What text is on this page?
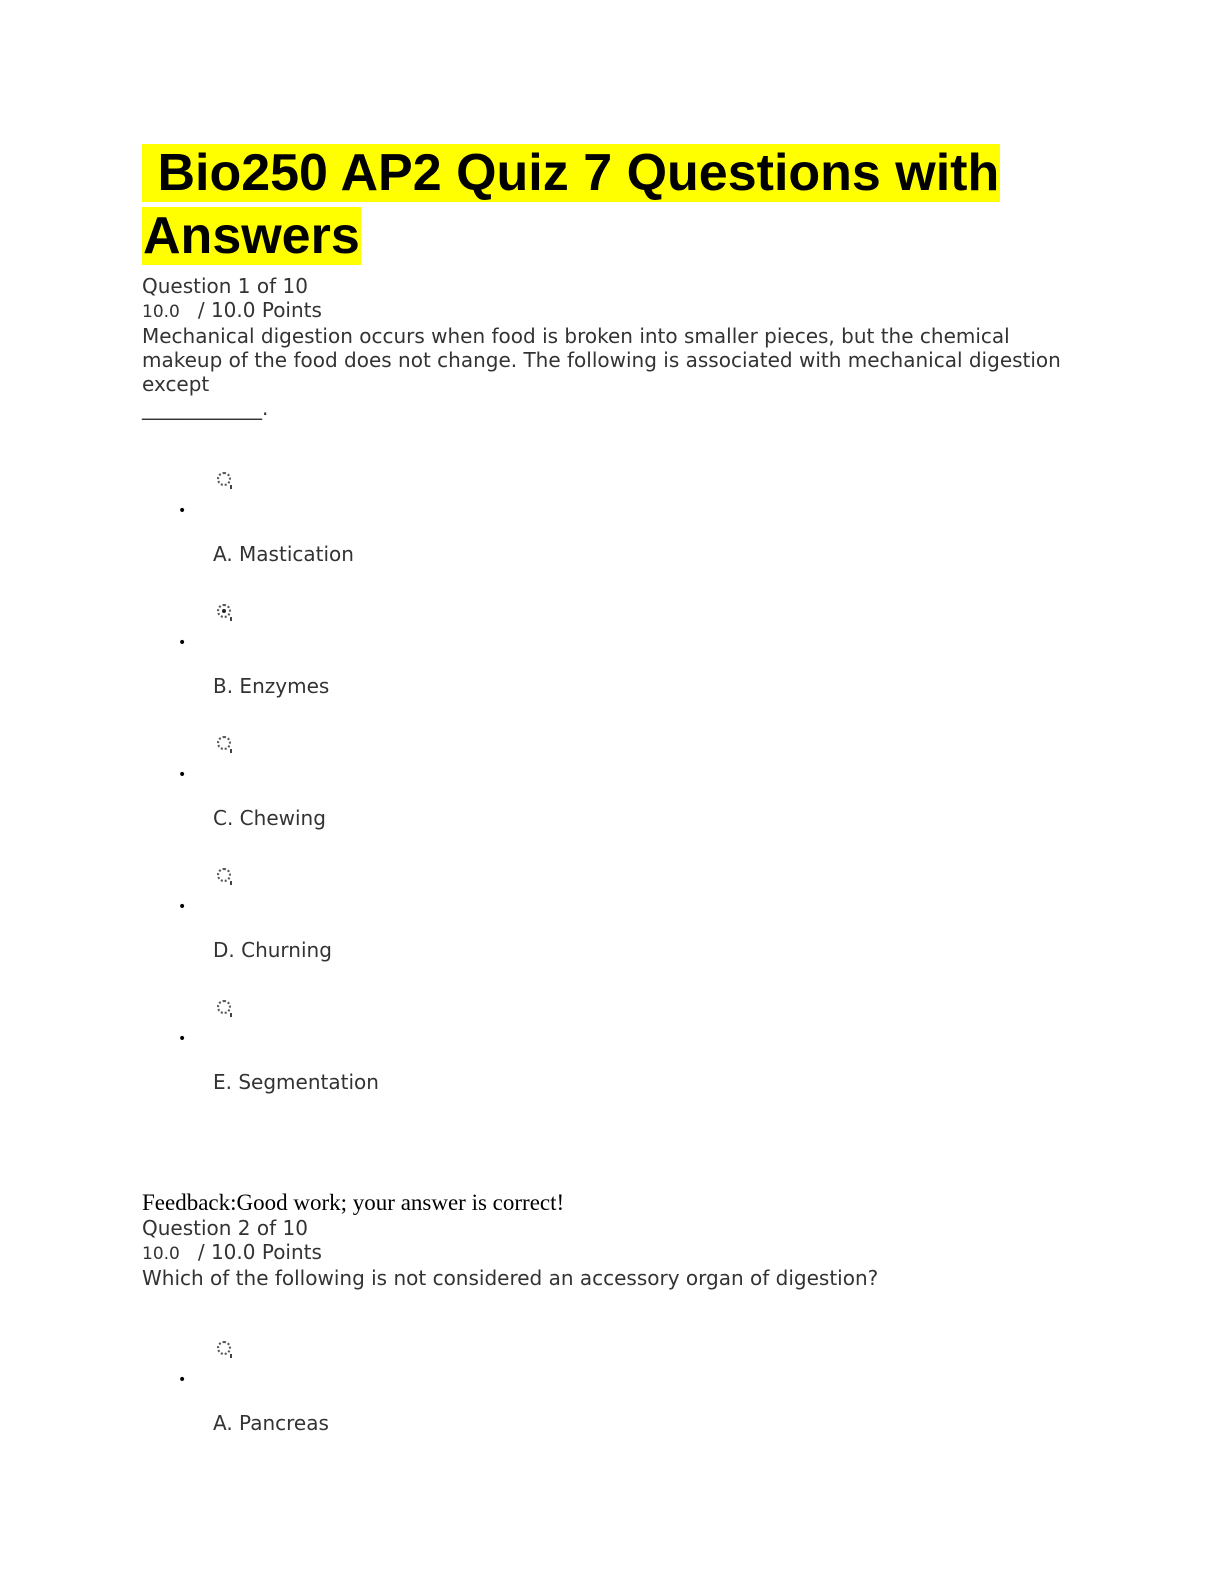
Bio250 AP2 Quiz 7 Questions with
Answers
Question 1 of 10
10.0 / 10.0 Points
Mechanical digestion occurs when food is broken into smaller pieces, but the chemical makeup of the food does not change. The following is associated with mechanical digestion except
____________.
•
A. Mastication
•
B. Enzymes
•
C. Chewing
•
D. Churning
•
E. Segmentation
Feedback:Good work; your answer is correct!
Question 2 of 10
10.0 / 10.0 Points
Which of the following is not considered an accessory organ of digestion?
•
A. Pancreas
